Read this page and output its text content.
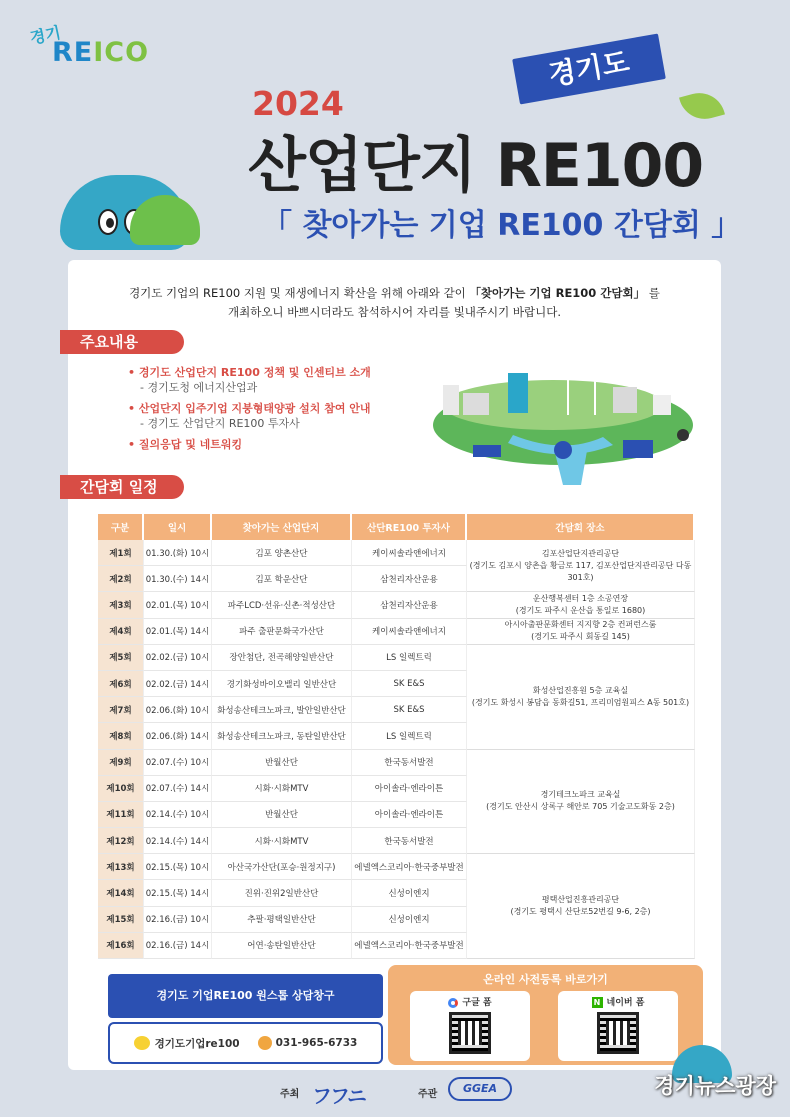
경기
REICO	경기도
2024
산업단지 RE100
「 찾아가는 기업 RE100 간담회 」
경기도 기업의 RE100 지원 및 재생에너지 확산을 위해 아래와 같이 「찾아가는 기업 RE100 간담회」 를
개최하오니 바쁘시더라도 참석하시어 자리를 빛내주시기 바랍니다.
주요내용
• 경기도 산업단지 RE100 정책 및 인센티브 소개
- 경기도청 에너지산업과
• 산업단지 입주기업 지붕형태양광 설치 참여 안내
- 경기도 산업단지 RE100 투자사
• 질의응답 및 네트워킹
간담회 일정
구분	일시	찾아가는 산업단지	산단RE100 투자사	간담회 장소
제1회	01.30.(화) 10시	김포 양촌산단	케이씨솔라앤에너지	김포산업단지관리공단
(경기도 김포시 양촌읍 황금로 117, 김포산업단지관리공단 다동 301호)

제2회	01.30.(수) 14시	김포 학운산단	삼천리자산운용	
제3회	02.01.(목) 10시	파주LCD·선유·신촌·적성산단	삼천리자산운용	운산행복센터 1층 소공연장
(경기도 파주시 운산읍 통일로 1680)

제4회	02.01.(목) 14시	파주 출판문화국가산단	케이씨솔라앤에너지	아시아출판문화센터 지지향 2층 컨퍼런스룸
(경기도 파주시 회동길 145)

제5회	02.02.(금) 10시	장안첨단, 전곡해양일반산단	LS 일렉트릭	화성산업진흥원 5층 교육실
(경기도 화성시 봉담읍 동화길51, 프리미엄원피스 A동 501호)

제6회	02.02.(금) 14시	경기화성바이오밸리 일반산단	SK E&S	
제7회	02.06.(화) 10시	화성송산테크노파크, 발안일반산단	SK E&S	
제8회	02.06.(화) 14시	화성송산테크노파크, 동탄일반산단	LS 일렉트릭	
제9회	02.07.(수) 10시	반월산단	한국동서발전	경기테크노파크 교육실
(경기도 안산시 상록구 해안로 705 기술고도화동 2층)

제10회	02.07.(수) 14시	시화·시화MTV	아이솔라·엔라이튼	
제11회	02.14.(수) 10시	반월산단	아이솔라·엔라이튼	
제12회	02.14.(수) 14시	시화·시화MTV	한국동서발전	
제13회	02.15.(목) 10시	아산국가산단(포승·원정지구)	에넬엑스코리아·한국중부발전	평택산업진흥관리공단
(경기도 평택시 산단로52번길 9-6, 2층)

제14회	02.15.(목) 14시	진위·진위2일반산단	신성이엔지	
제15회	02.16.(금) 10시	추팔·평택일반산단	신성이엔지	
제16회	02.16.(금) 14시	어연·송탄일반산단	에넬엑스코리아·한국중부발전	
경기도 기업RE100 원스톱 상담창구
경기도기업re100	031-965-6733
온라인 사전등록 바로가기
구글 폼	N 네이버 폼
주최 フフニ	주관	GGEA	경기뉴스광장
